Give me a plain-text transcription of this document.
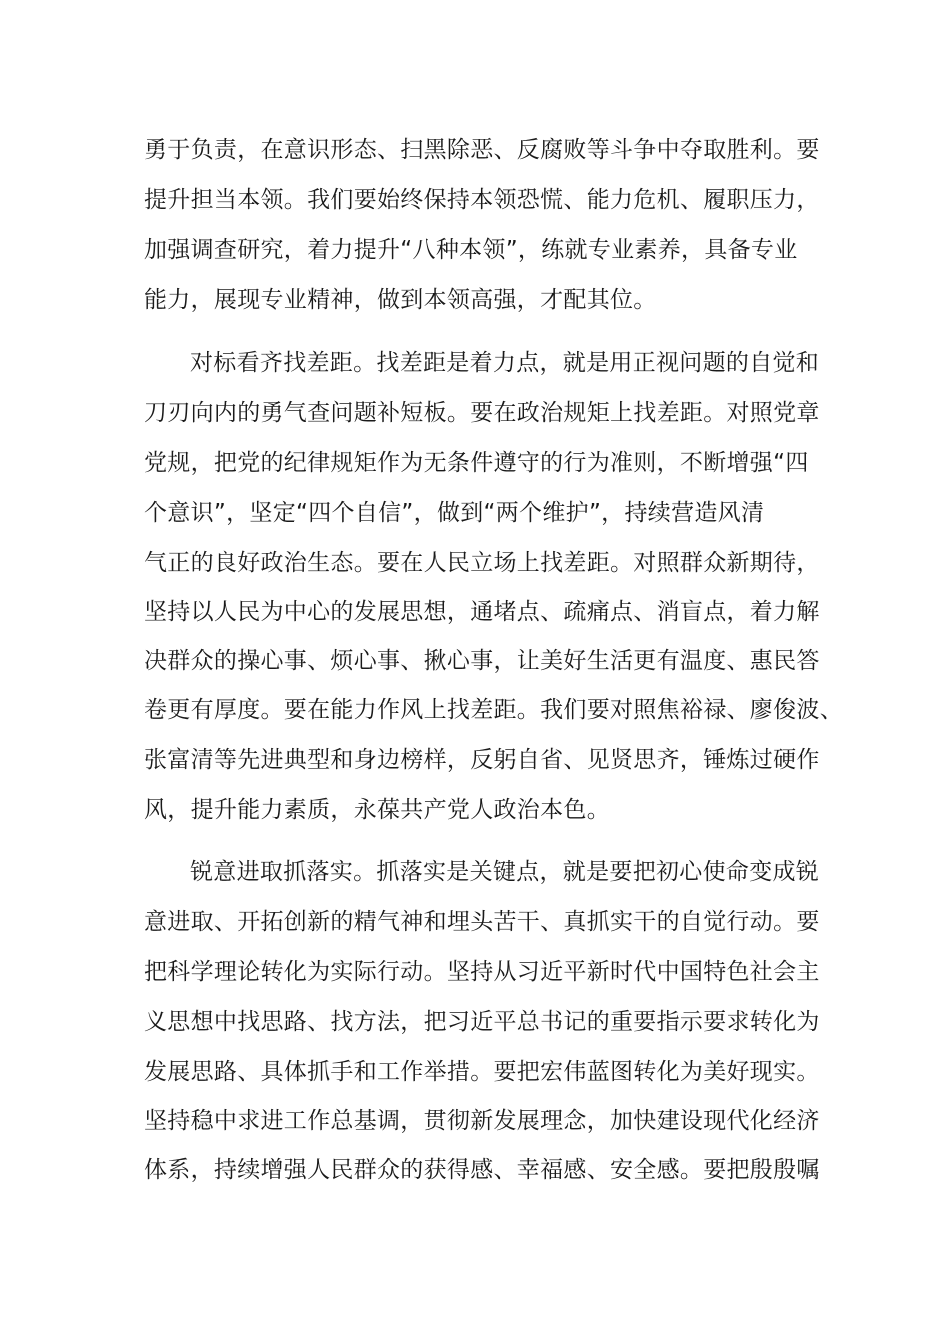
勇于负责，在意识形态、扫黑除恶、反腐败等斗争中夺取胜利。要
提升担当本领。我们要始终保持本领恐慌、能力危机、履职压力，
加强调查研究，着力提升“八种本领”，练就专业素养，具备专业
能力，展现专业精神，做到本领高强，才配其位。
对标看齐找差距。找差距是着力点，就是用正视问题的自觉和
刀刃向内的勇气查问题补短板。要在政治规矩上找差距。对照党章
党规，把党的纪律规矩作为无条件遵守的行为准则，不断增强“四
个意识”，坚定“四个自信”，做到“两个维护”，持续营造风清
气正的良好政治生态。要在人民立场上找差距。对照群众新期待，
坚持以人民为中心的发展思想，通堵点、疏痛点、消盲点，着力解
决群众的操心事、烦心事、揪心事，让美好生活更有温度、惠民答
卷更有厚度。要在能力作风上找差距。我们要对照焦裕禄、廖俊波、
张富清等先进典型和身边榜样，反躬自省、见贤思齐，锤炼过硬作
风，提升能力素质，永葆共产党人政治本色。
锐意进取抓落实。抓落实是关键点，就是要把初心使命变成锐
意进取、开拓创新的精气神和埋头苦干、真抓实干的自觉行动。要
把科学理论转化为实际行动。坚持从习近平新时代中国特色社会主
义思想中找思路、找方法，把习近平总书记的重要指示要求转化为
发展思路、具体抓手和工作举措。要把宏伟蓝图转化为美好现实。
坚持稳中求进工作总基调，贯彻新发展理念，加快建设现代化经济
体系，持续增强人民群众的获得感、幸福感、安全感。要把殷殷嘱
